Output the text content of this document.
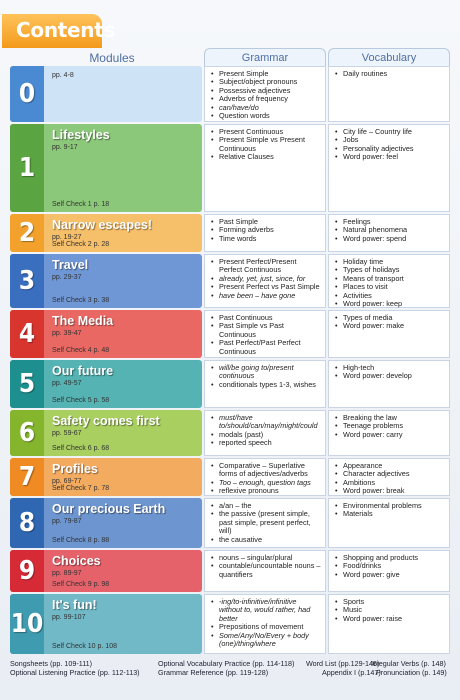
Contents
Modules	Grammar	Vocabulary
0
pp. 4-8
•	Present Simple
• Subject/object pronouns
• Possessive adjectives
• Adverbs of frequency
• can/have/do
• Question words
• Daily routines
1
Lifestyles
pp. 9-17
Self Check 1 p. 18
• Present Continuous
• Present Simple vs Present Continuous
• Relative Clauses
• City life – Country life
• Jobs
• Personality adjectives
• Word power: feel
2	Narrow escapes!
pp. 19-27
Self Check 2 p. 28
• Past Simple
• Forming adverbs
• Time words
• Feelings
• Natural phenomena
• Word power: spend
3
Travel
pp. 29-37
Self Check 3 p. 38
• Present Perfect/Present Perfect Continuous
• already, yet, just, since, for
• Present Perfect vs Past Simple
• have been – have gone
• Holiday time
• Types of holidays
• Means of transport
• Places to visit
• Activities
• Word power: keep
4	The Media
pp. 39-47
Self Check 4 p. 48
• Past Continuous
• Past Simple vs Past Continuous
• Past Perfect/Past Perfect Continuous
• Types of media
• Word power: make
5	Our future
pp. 49-57
Self Check 5 p. 58
• will/be going to/present continuous
• conditionals types 1-3, wishes
• High-tech
• Word power: develop
6	Safety comes first
pp. 59-67
Self Check 6 p. 68
• must/have to/should/can/may/might/could
• modals (past)
• reported speech
• Breaking the law
• Teenage problems
• Word power: carry
7	Profiles
pp. 69-77
Self Check 7 p. 78
• Comparative – Superlative forms of adjectives/adverbs
• Too – enough, question tags
• reflexive pronouns
• Appearance
• Character adjectives
• Ambitions
• Word power: break
8	Our precious Earth
pp. 79-87
Self Check 8 p. 88
• a/an – the
• the passive (present simple, past simple, present perfect, will)
• the causative
• Environmental problems
• Materials
9	Choices
pp. 89-97
Self Check 9 p. 98
• nouns – singular/plural
• countable/uncountable nouns – quantifiers
• Shopping and products
• Food/drinks
• Word power: give
10
It's fun!
pp. 99-107
Self Check 10 p. 108
• -ing/to-infinitive/infinitive without to, would rather, had better
• Prepositions of movement
• Some/Any/No/Every + body (one)/thing/where
• Sports
• Music
• Word power: raise
Songsheets (pp. 109-111)	Optional Vocabulary Practice (pp. 114-118) Word List (pp.129-146)
Irregular Verbs (p. 148)
Optional Listening Practice (pp. 112-113)	Grammar Reference (pp. 119-128)	Appendix I (p.147)
Pronunciation (p. 149)
